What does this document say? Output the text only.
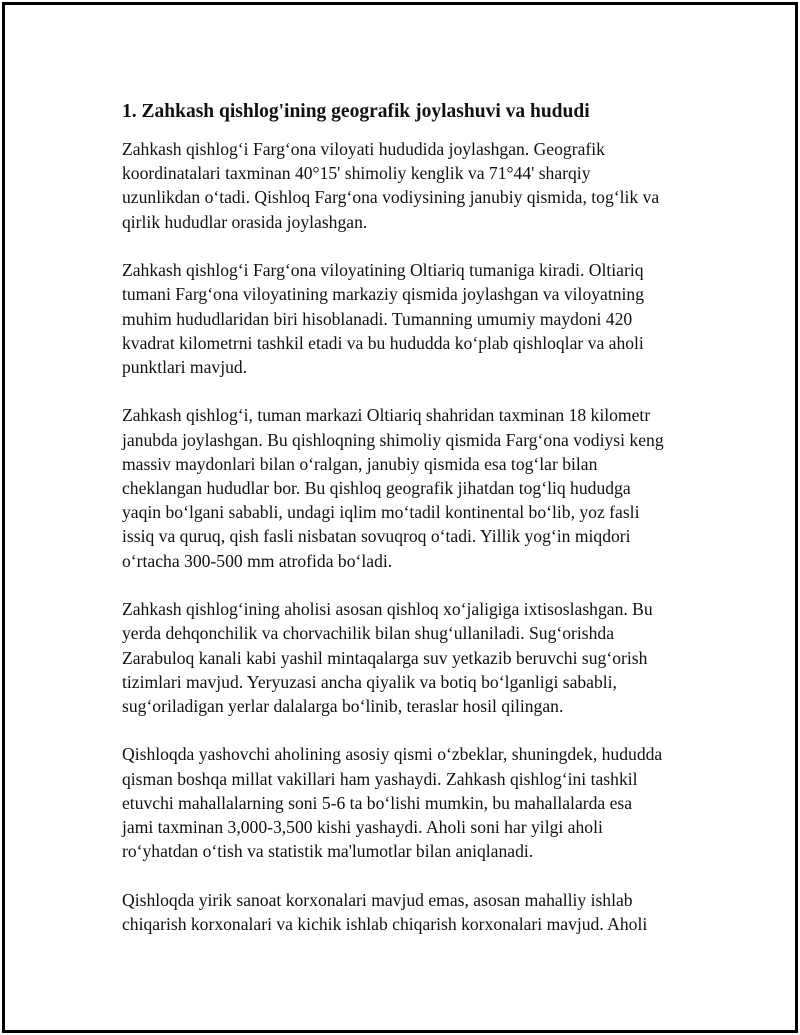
1. Zahkash qishlog'ining geografik joylashuvi va hududi

Zahkash qishlog‘i Farg‘ona viloyati hududida joylashgan. Geografik
koordinatalari taxminan 40°15' shimoliy kenglik va 71°44' sharqiy
uzunlikdan o‘tadi. Qishloq Farg‘ona vodiysining janubiy qismida, tog‘lik va
qirlik hududlar orasida joylashgan.

Zahkash qishlog‘i Farg‘ona viloyatining Oltiariq tumaniga kiradi. Oltiariq
tumani Farg‘ona viloyatining markaziy qismida joylashgan va viloyatning
muhim hududlaridan biri hisoblanadi. Tumanning umumiy maydoni 420
kvadrat kilometrni tashkil etadi va bu hududda ko‘plab qishloqlar va aholi
punktlari mavjud.

Zahkash qishlog‘i, tuman markazi Oltiariq shahridan taxminan 18 kilometr
janubda joylashgan. Bu qishloqning shimoliy qismida Farg‘ona vodiysi keng
massiv maydonlari bilan o‘ralgan, janubiy qismida esa tog‘lar bilan
cheklangan hududlar bor. Bu qishloq geografik jihatdan tog‘liq hududga
yaqin bo‘lgani sababli, undagi iqlim mo‘tadil kontinental bo‘lib, yoz fasli
issiq va quruq, qish fasli nisbatan sovuqroq o‘tadi. Yillik yog‘in miqdori
o‘rtacha 300-500 mm atrofida bo‘ladi.

Zahkash qishlog‘ining aholisi asosan qishloq xo‘jaligiga ixtisoslashgan. Bu
yerda dehqonchilik va chorvachilik bilan shug‘ullaniladi. Sug‘orishda
Zarabuloq kanali kabi yashil mintaqalarga suv yetkazib beruvchi sug‘orish
tizimlari mavjud. Yeryuzasi ancha qiyalik va botiq bo‘lganligi sababli,
sug‘oriladigan yerlar dalalarga bo‘linib, teraslar hosil qilingan.

Qishloqda yashovchi aholining asosiy qismi o‘zbeklar, shuningdek, hududda
qisman boshqa millat vakillari ham yashaydi. Zahkash qishlog‘ini tashkil
etuvchi mahallalarning soni 5-6 ta bo‘lishi mumkin, bu mahallalarda esa
jami taxminan 3,000-3,500 kishi yashaydi. Aholi soni har yilgi aholi
ro‘yhatdan o‘tish va statistik ma'lumotlar bilan aniqlanadi.

Qishloqda yirik sanoat korxonalari mavjud emas, asosan mahalliy ishlab
chiqarish korxonalari va kichik ishlab chiqarish korxonalari mavjud. Aholi
